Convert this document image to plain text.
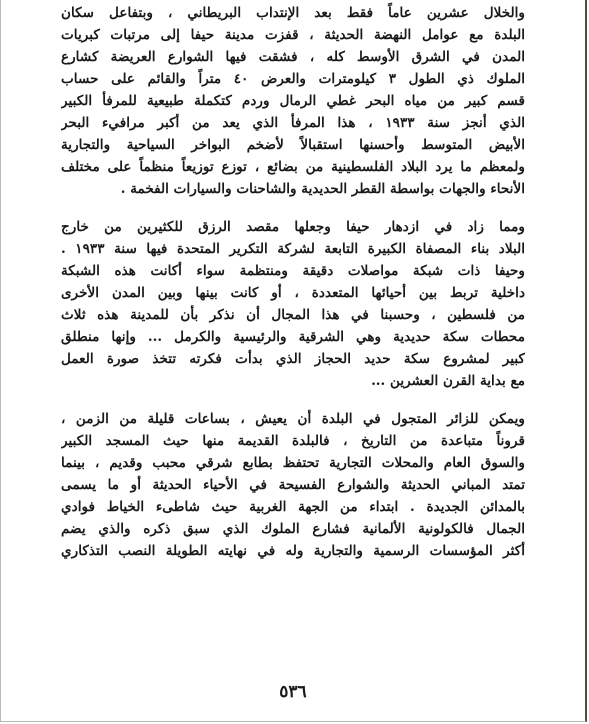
والخلال عشرين عاماً فقط بعد الإنتداب البريطاني ، وبتفاعل سكان
البلدة مع عوامل النهضة الحديثة ، قفزت مدينة حيفا إلى مرتبات كبريات
المدن في الشرق الأوسط كله ، فشقت فيها الشوارع العريضة كشارع
الملوك ذي الطول ٣ كيلومترات والعرض ٤٠ متراً والقائم على حساب
قسم كبير من مياه البحر غطي الرمال وردم كتكملة طبيعية للمرفأ الكبير
الذي أنجز سنة ١٩٣٣ ، هذا المرفأ الذي يعد من أكبر مرافيء البحر
الأبيض المتوسط وأحسنها استقبالاً لأضخم البواخر السياحية والتجارية
ولمعظم ما يرد البلاد الفلسطينية من بضائع ، توزع توزيعاً منظماً على مختلف
الأنحاء والجهات بواسطة القطر الحديدية والشاحنات والسيارات الفخمة .
ومما زاد في ازدهار حيفا وجعلها مقصد الرزق للكثيرين من خارج
البلاد بناء المصفاة الكبيرة التابعة لشركة التكرير المتحدة فيها سنة ١٩٣٣ .
وحيفا ذات شبكة مواصلات دقيقة ومنتظمة سواء أكانت هذه الشبكة
داخلية تربط بين أحيائها المتعددة ، أو كانت بينها وبين المدن الأخرى
من فلسطين ، وحسبنا في هذا المجال أن نذكر بأن للمدينة هذه ثلاث
محطات سكة حديدية وهي الشرقية والرئيسية والكرمل ... وإنها منطلق
كبير لمشروع سكة حديد الحجاز الذي بدأت فكرته تتخذ صورة العمل
مع بداية القرن العشرين ...
ويمكن للزائر المتجول في البلدة أن يعيش ، بساعات قليلة من الزمن ،
قروناً متباعدة من التاريخ ، فالبلدة القديمة منها حيث المسجد الكبير
والسوق العام والمحلات التجارية تحتفظ بطابع شرقي محبب وقديم ، بينما
تمتد المباني الحديثة والشوارع الفسيحة في الأحياء الحديثة أو ما يسمى
بالمدائن الجديدة . ابتداء من الجهة الغربية حيث شاطىء الخياط فوادي
الجمال فالكولونية الألمانية فشارع الملوك الذي سبق ذكره والذي يضم
أكثر المؤسسات الرسمية والتجارية وله في نهايته الطويلة النصب التذكاري
٥٣٦
